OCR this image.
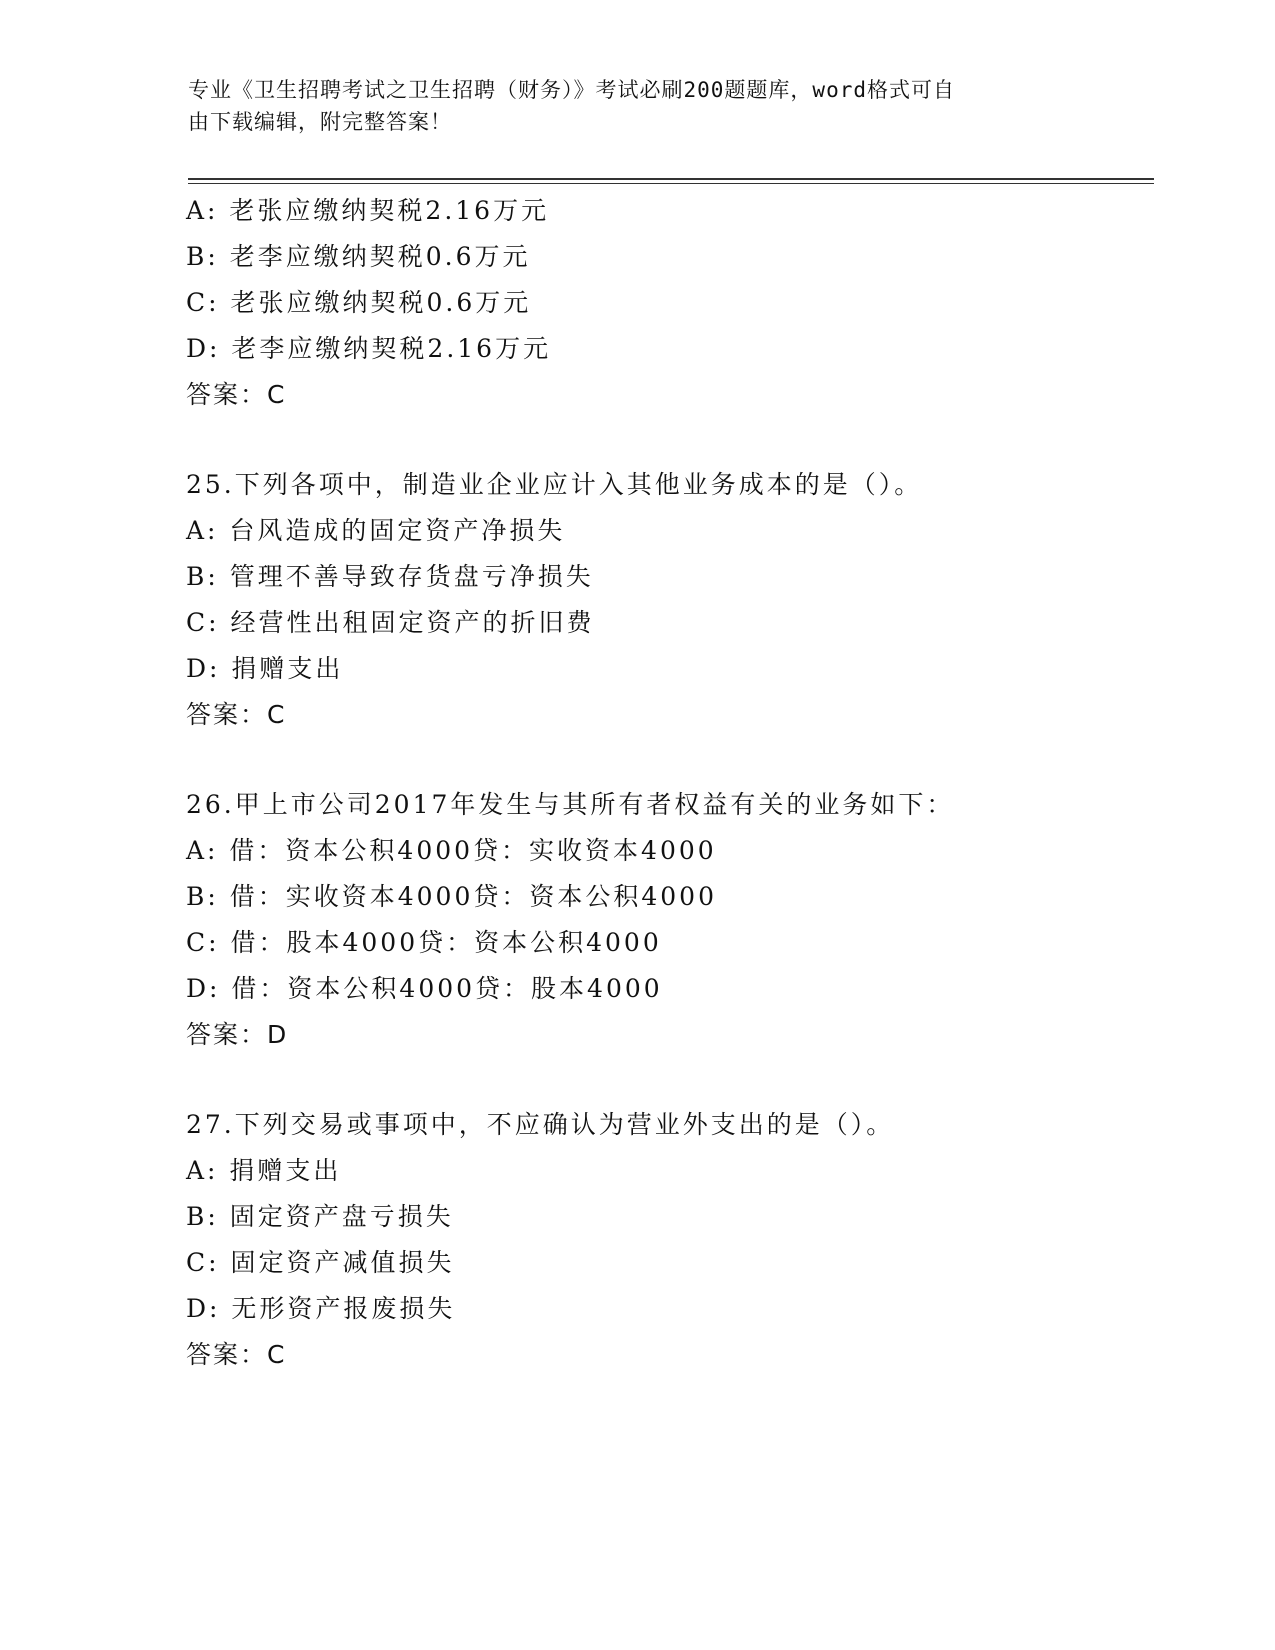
专业《卫生招聘考试之卫生招聘（财务）》考试必刷200题题库，word格式可自
由下载编辑，附完整答案！
A: 老张应缴纳契税2.16万元
B: 老李应缴纳契税0.6万元
C: 老张应缴纳契税0.6万元
D: 老李应缴纳契税2.16万元
答案：C
25.下列各项中，制造业企业应计入其他业务成本的是（）。
A: 台风造成的固定资产净损失
B: 管理不善导致存货盘亏净损失
C: 经营性出租固定资产的折旧费
D: 捐赠支出
答案：C
26.甲上市公司2017年发生与其所有者权益有关的业务如下：
A: 借：资本公积4000贷：实收资本4000
B: 借：实收资本4000贷：资本公积4000
C: 借：股本4000贷：资本公积4000
D: 借：资本公积4000贷：股本4000
答案：D
27.下列交易或事项中，不应确认为营业外支出的是（）。
A: 捐赠支出
B: 固定资产盘亏损失
C: 固定资产减值损失
D: 无形资产报废损失
答案：C
